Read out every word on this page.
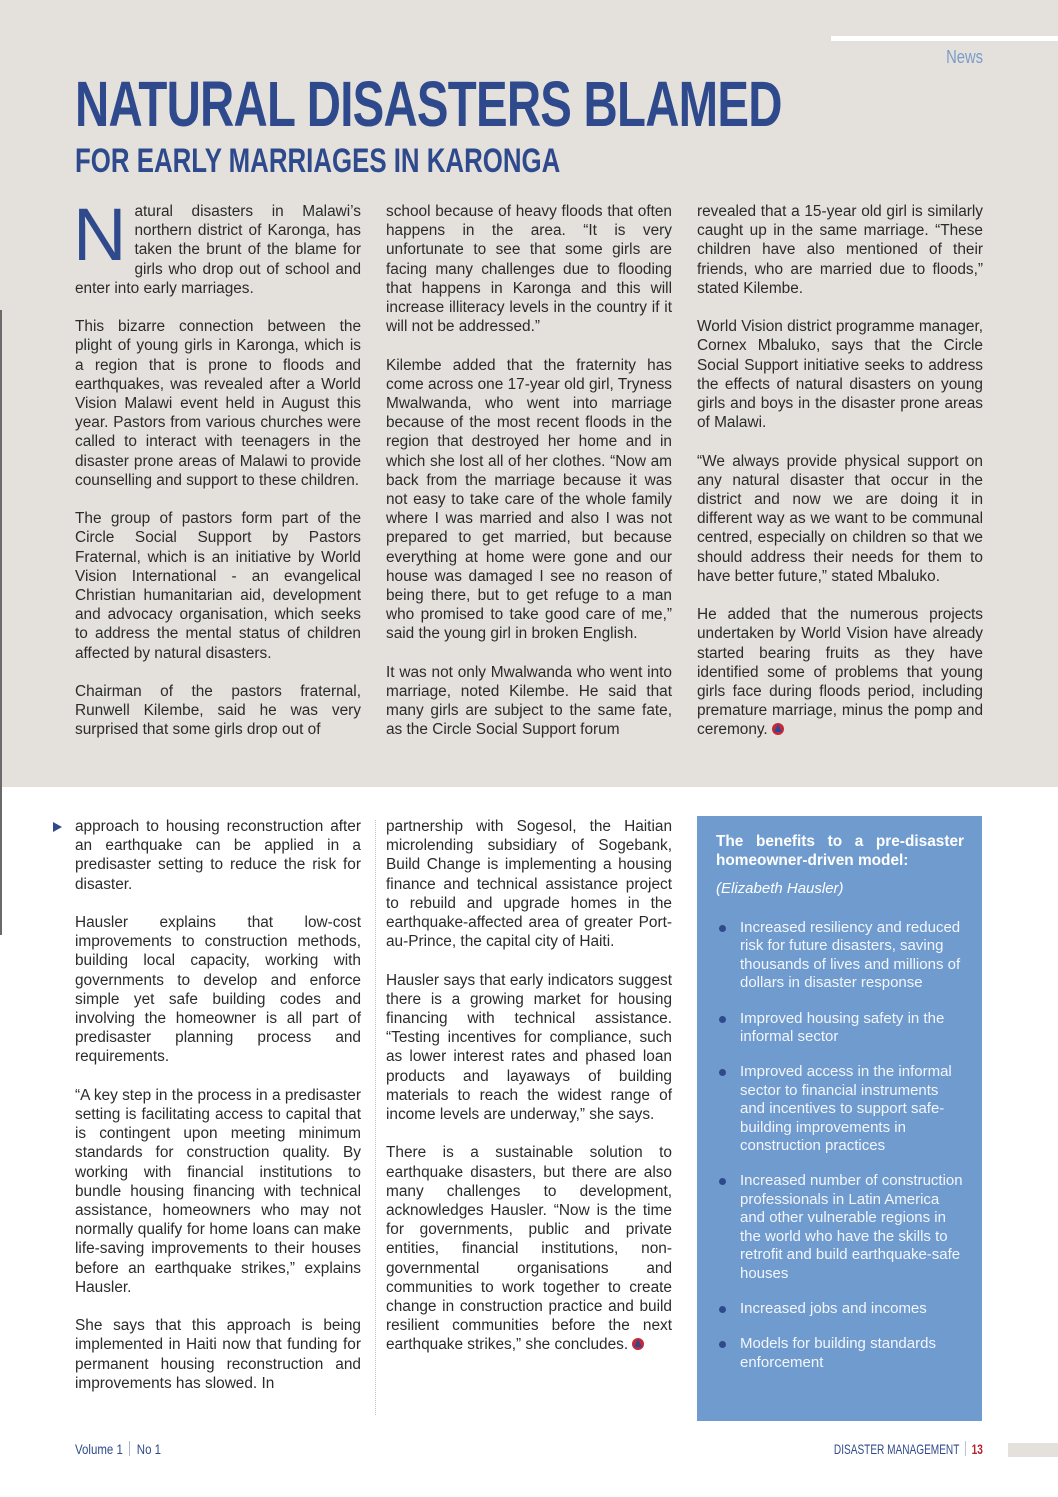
News
NATURAL DISASTERS BLAMED
FOR EARLY MARRIAGES IN KARONGA

Natural disasters in Malawi’s northern district of Karonga, has taken the brunt of the blame for girls who drop out of school and enter into early marriages.

This bizarre connection between the plight of young girls in Karonga, which is a region that is prone to floods and earthquakes, was revealed after a World Vision Malawi event held in August this year. Pastors from various churches were called to interact with teenagers in the disaster prone areas of Malawi to provide counselling and support to these children.

The group of pastors form part of the Circle Social Support by Pastors Fraternal, which is an initiative by World Vision International - an evangelical Christian humanitarian aid, development and advocacy organisation, which seeks to address the mental status of children affected by natural disasters.

Chairman of the pastors fraternal, Runwell Kilembe, said he was very surprised that some girls drop out of

school because of heavy floods that often happens in the area. “It is very unfortunate to see that some girls are facing many challenges due to flooding that happens in Karonga and this will increase illiteracy levels in the country if it will not be addressed.”

Kilembe added that the fraternity has come across one 17-year old girl, Tryness Mwalwanda, who went into marriage because of the most recent floods in the region that destroyed her home and in which she lost all of her clothes. “Now am back from the marriage because it was not easy to take care of the whole family where I was married and also I was not prepared to get married, but because everything at home were gone and our house was damaged I see no reason of being there, but to get refuge to a man who promised to take good care of me,” said the young girl in broken English.

It was not only Mwalwanda who went into marriage, noted Kilembe. He said that many girls are subject to the same fate, as the Circle Social Support forum

revealed that a 15-year old girl is similarly caught up in the same marriage. “These children have also mentioned of their friends, who are married due to floods,” stated Kilembe.

World Vision district programme manager, Cornex Mbaluko, says that the Circle Social Support initiative seeks to address the effects of natural disasters on young girls and boys in the disaster prone areas of Malawi.

“We always provide physical support on any natural disaster that occur in the district and now we are doing it in different way as we want to be communal centred, especially on children so that we should address their needs for them to have better future,” stated Mbaluko.

He added that the numerous projects undertaken by World Vision have already started bearing fruits as they have identified some of problems that young girls face during floods period, including premature marriage, minus the pomp and ceremony.

approach to housing reconstruction after an earthquake can be applied in a predisaster setting to reduce the risk for disaster.

Hausler explains that low-cost improvements to construction methods, building local capacity, working with governments to develop and enforce simple yet safe building codes and involving the homeowner is all part of predisaster planning process and requirements.

“A key step in the process in a predisaster setting is facilitating access to capital that is contingent upon meeting minimum standards for construction quality. By working with financial institutions to bundle housing financing with technical assistance, homeowners who may not normally qualify for home loans can make life-saving improvements to their houses before an earthquake strikes,” explains Hausler.

She says that this approach is being implemented in Haiti now that funding for permanent housing reconstruction and improvements has slowed. In

partnership with Sogesol, the Haitian microlending subsidiary of Sogebank, Build Change is implementing a housing finance and technical assistance project to rebuild and upgrade homes in the earthquake-affected area of greater Port-au-Prince, the capital city of Haiti.

Hausler says that early indicators suggest there is a growing market for housing financing with technical assistance. “Testing incentives for compliance, such as lower interest rates and phased loan products and layaways of building materials to reach the widest range of income levels are underway,” she says.

There is a sustainable solution to earthquake disasters, but there are also many challenges to development, acknowledges Hausler. “Now is the time for governments, public and private entities, financial institutions, non-governmental organisations and communities to work together to create change in construction practice and build resilient communities before the next earthquake strikes,” she concludes.

The benefits to a pre-disaster homeowner-driven model:

(Elizabeth Hausler)

Increased resiliency and reduced risk for future disasters, saving thousands of lives and millions of dollars in disaster response
Improved housing safety in the informal sector
Improved access in the informal sector to financial instruments and incentives to support safe-building improvements in construction practices
Increased number of construction professionals in Latin America and other vulnerable regions in the world who have the skills to retrofit and build earthquake-safe houses
Increased jobs and incomes
Models for building standards enforcement
Volume 1 No 1	DISASTER MANAGEMENT 13
